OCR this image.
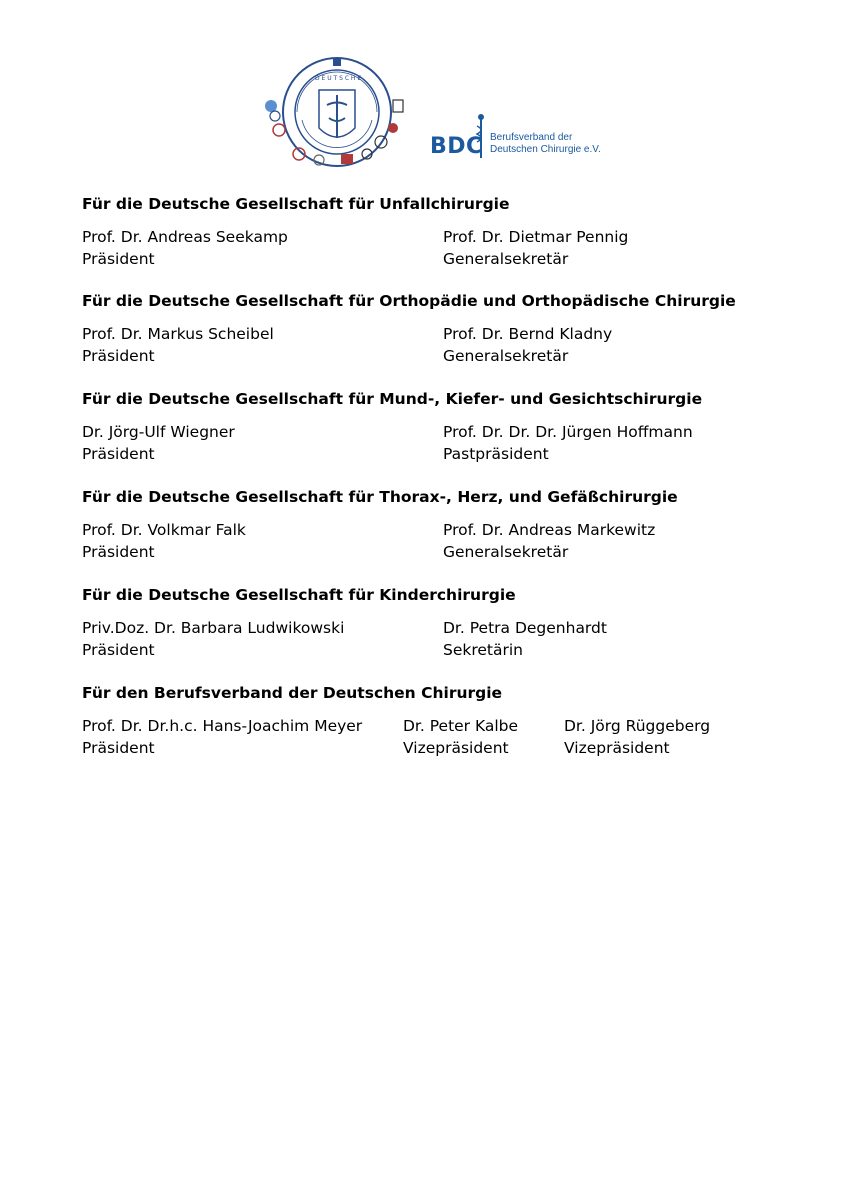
D E U T S C H E
BDC Berufsverband der
Deutschen Chirurgie e.V.

Für die Deutsche Gesellschaft für Unfallchirurgie

Prof. Dr. Andreas Seekamp
Präsident
Prof. Dr. Dietmar Pennig
Generalsekretär

Für die Deutsche Gesellschaft für Orthopädie und Orthopädische Chirurgie

Prof. Dr. Markus Scheibel
Präsident
Prof. Dr. Bernd Kladny
Generalsekretär

Für die Deutsche Gesellschaft für Mund-, Kiefer- und Gesichtschirurgie

Dr. Jörg-Ulf Wiegner
Präsident
Prof. Dr. Dr. Dr. Jürgen Hoffmann
Pastpräsident

Für die Deutsche Gesellschaft für Thorax-, Herz, und Gefäßchirurgie

Prof. Dr. Volkmar Falk
Präsident
Prof. Dr. Andreas Markewitz
Generalsekretär

Für die Deutsche Gesellschaft für Kinderchirurgie

Priv.Doz. Dr. Barbara Ludwikowski
Präsident
Dr. Petra Degenhardt
Sekretärin

Für den Berufsverband der Deutschen Chirurgie

Prof. Dr. Dr.h.c. Hans-Joachim Meyer
Präsident
Dr. Peter Kalbe
Vizepräsident
Dr. Jörg Rüggeberg
Vizepräsident
